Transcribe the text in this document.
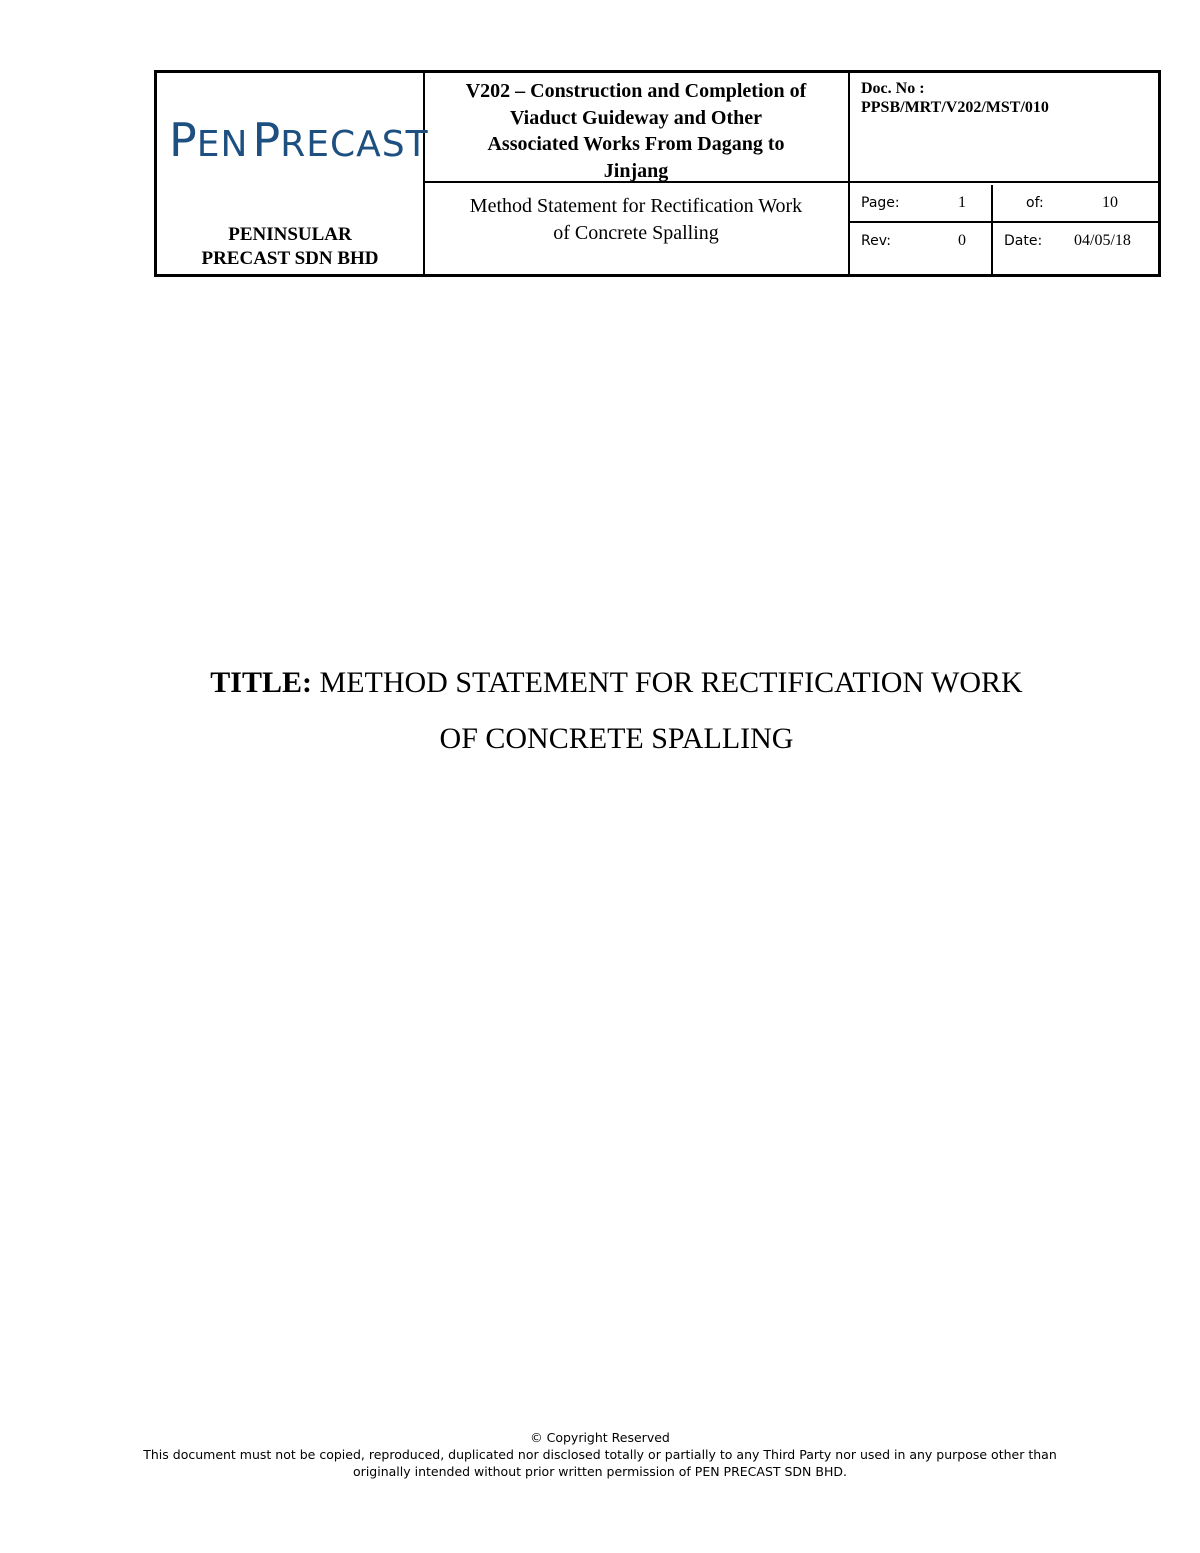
PENPRECAST
PENINSULAR
PRECAST SDN BHD
V202 – Construction and Completion of
Viaduct Guideway and Other
Associated Works From Dagang to
Jinjang
Method Statement for Rectification Work
of Concrete Spalling
Doc. No :
PPSB/MRT/V202/MST/010
Page:	1	of:	10
Rev:	0	Date: 04/05/18
TITLE: METHOD STATEMENT FOR RECTIFICATION WORK
OF CONCRETE SPALLING
© Copyright Reserved
This document must not be copied, reproduced, duplicated nor disclosed totally or partially to any Third Party nor used in any purpose other than
originally intended without prior written permission of PEN PRECAST SDN BHD.
